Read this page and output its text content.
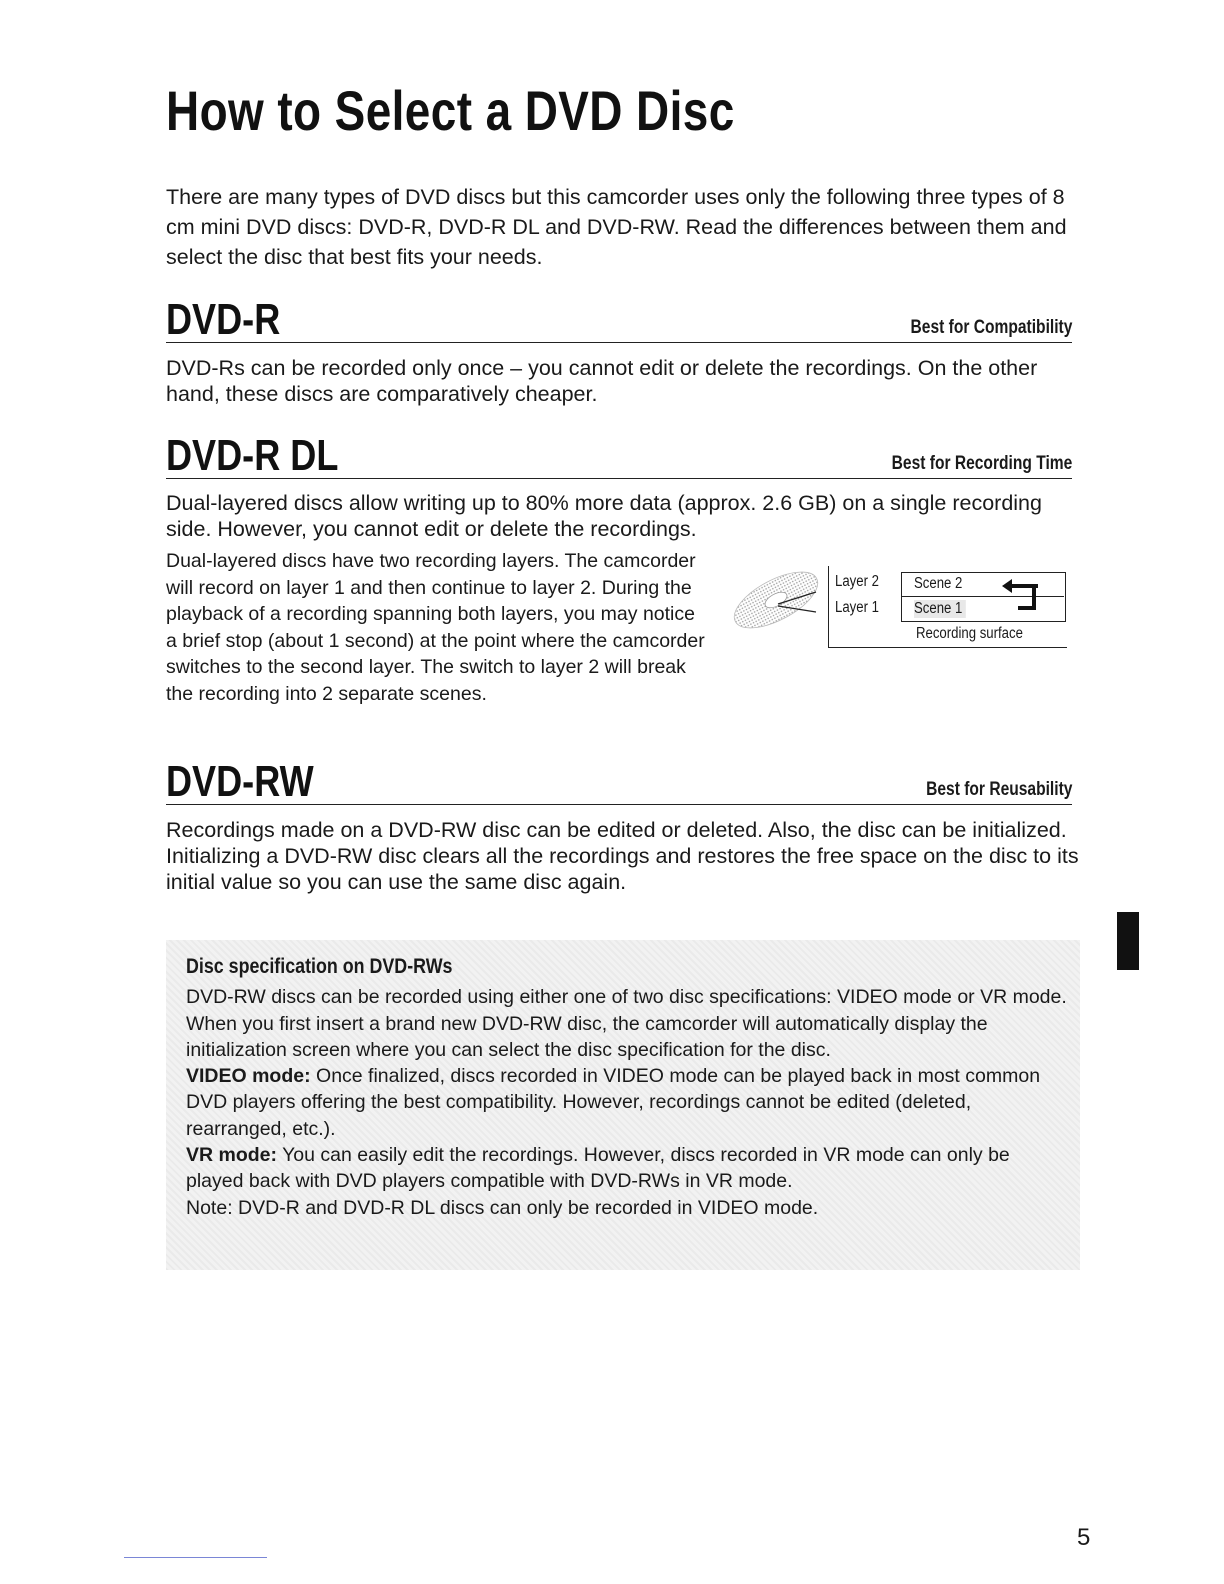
How to Select a DVD Disc
There are many types of DVD discs but this camcorder uses only the following three types of 8 cm mini DVD discs: DVD-R, DVD-R DL and DVD-RW. Read the differences between them and select the disc that best fits your needs.
DVD-R	Best for Compatibility
DVD-Rs can be recorded only once – you cannot edit or delete the recordings. On the other hand, these discs are comparatively cheaper.
DVD-R DL	Best for Recording Time
Dual-layered discs allow writing up to 80% more data (approx. 2.6 GB) on a single recording side. However, you cannot edit or delete the recordings.
Dual-layered discs have two recording layers. The camcorder will record on layer 1 and then continue to layer 2. During the playback of a recording spanning both layers, you may notice a brief stop (about 1 second) at the point where the camcorder switches to the second layer. The switch to layer 2 will break the recording into 2 separate scenes.
Layer 2
Layer 1
Scene 2
Scene 1
Recording surface
DVD-RW	Best for Reusability
Recordings made on a DVD-RW disc can be edited or deleted. Also, the disc can be initialized. Initializing a DVD-RW disc clears all the recordings and restores the free space on the disc to its initial value so you can use the same disc again.
Disc specification on DVD-RWs
DVD-RW discs can be recorded using either one of two disc specifications: VIDEO mode or VR mode. When you first insert a brand new DVD-RW disc, the camcorder will automatically display the initialization screen where you can select the disc specification for the disc.
VIDEO mode: Once finalized, discs recorded in VIDEO mode can be played back in most common DVD players offering the best compatibility. However, recordings cannot be edited (deleted, rearranged, etc.).
VR mode: You can easily edit the recordings. However, discs recorded in VR mode can only be played back with DVD players compatible with DVD-RWs in VR mode.
Note: DVD-R and DVD-R DL discs can only be recorded in VIDEO mode.
5
